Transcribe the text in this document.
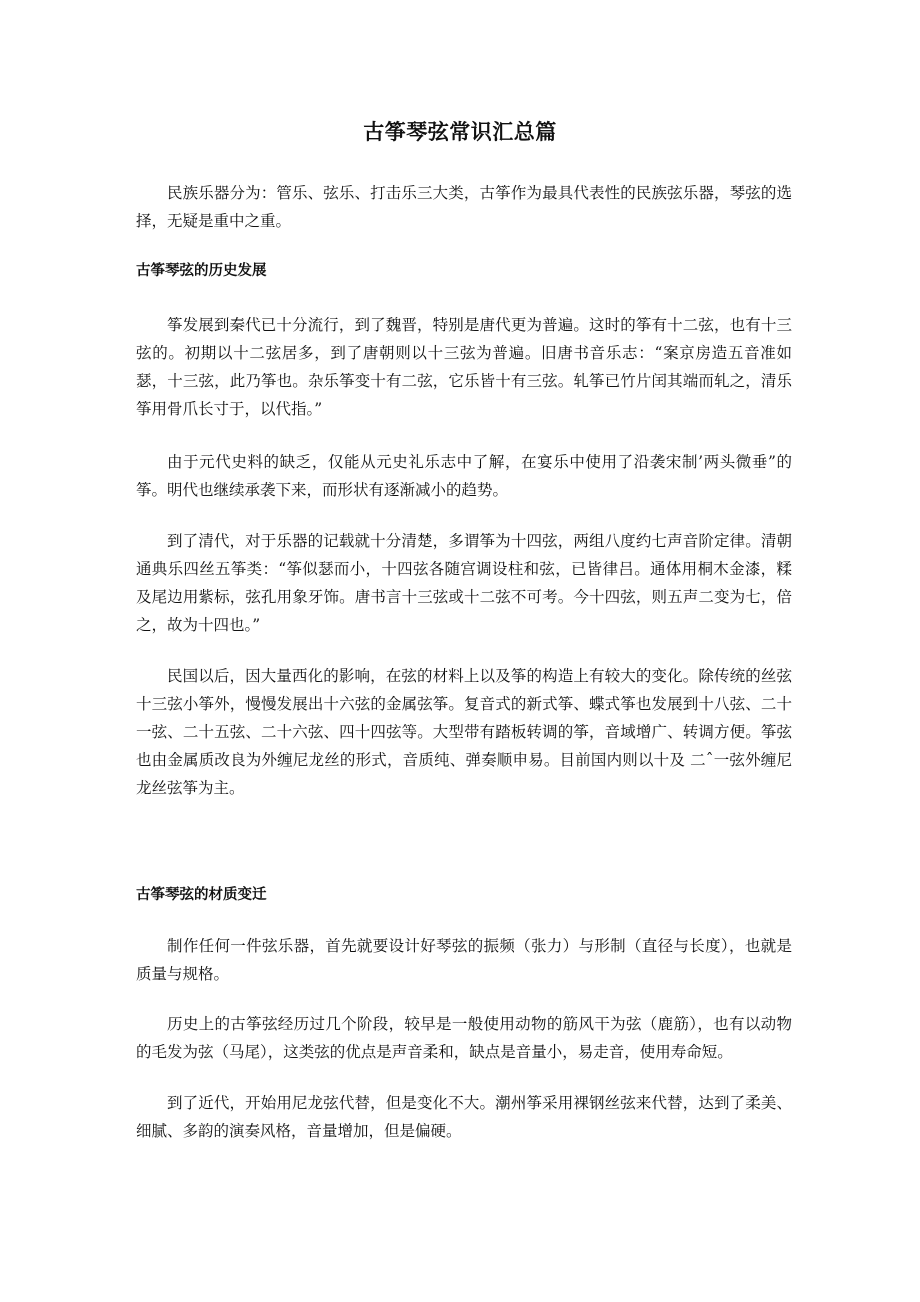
古筝琴弦常识汇总篇

民族乐器分为：管乐、弦乐、打击乐三大类，古筝作为最具代表性的民族弦乐器，琴弦的选择，无疑是重中之重。

古筝琴弦的历史发展

筝发展到秦代已十分流行，到了魏晋，特别是唐代更为普遍。这时的筝有十二弦，也有十三弦的。初期以十二弦居多，到了唐朝则以十三弦为普遍。旧唐书音乐志：“案京房造五音准如瑟，十三弦，此乃筝也。杂乐筝变十有二弦，它乐皆十有三弦。轧筝已竹片闰其端而轧之，清乐筝用骨爪长寸于，以代指。”

由于元代史料的缺乏，仅能从元史礼乐志中了解，在宴乐中使用了沿袭宋制’两头微垂”的筝。明代也继续承袭下来，而形状有逐渐减小的趋势。

到了清代，对于乐器的记载就十分清楚，多谓筝为十四弦，两组八度约七声音阶定律。清朝通典乐四丝五筝类：“筝似瑟而小，十四弦各随宫调设柱和弦，已皆律吕。通体用桐木金漆，糅及尾边用紫标，弦孔用象牙饰。唐书言十三弦或十二弦不可考。今十四弦，则五声二变为七，倍之，故为十四也。”

民国以后，因大量西化的影响，在弦的材料上以及筝的构造上有较大的变化。除传统的丝弦十三弦小筝外，慢慢发展出十六弦的金属弦筝。复音式的新式筝、蝶式筝也发展到十八弦、二十一弦、二十五弦、二十六弦、四十四弦等。大型带有踏板转调的筝，音域增广、转调方便。筝弦也由金属质改良为外缠尼龙丝的形式，音质纯、弹奏顺申易。目前国内则以十及 二ˆ一弦外缠尼龙丝弦筝为主。

古筝琴弦的材质变迁

制作任何一件弦乐器，首先就要设计好琴弦的振频（张力）与形制（直径与长度），也就是质量与规格。

历史上的古筝弦经历过几个阶段，较早是一般使用动物的筋风干为弦（鹿筋），也有以动物的毛发为弦（马尾），这类弦的优点是声音柔和，缺点是音量小，易走音，使用寿命短。

到了近代，开始用尼龙弦代替，但是变化不大。潮州筝采用裸钢丝弦来代替，达到了柔美、 细腻、多韵的演奏风格，音量增加，但是偏硬。
